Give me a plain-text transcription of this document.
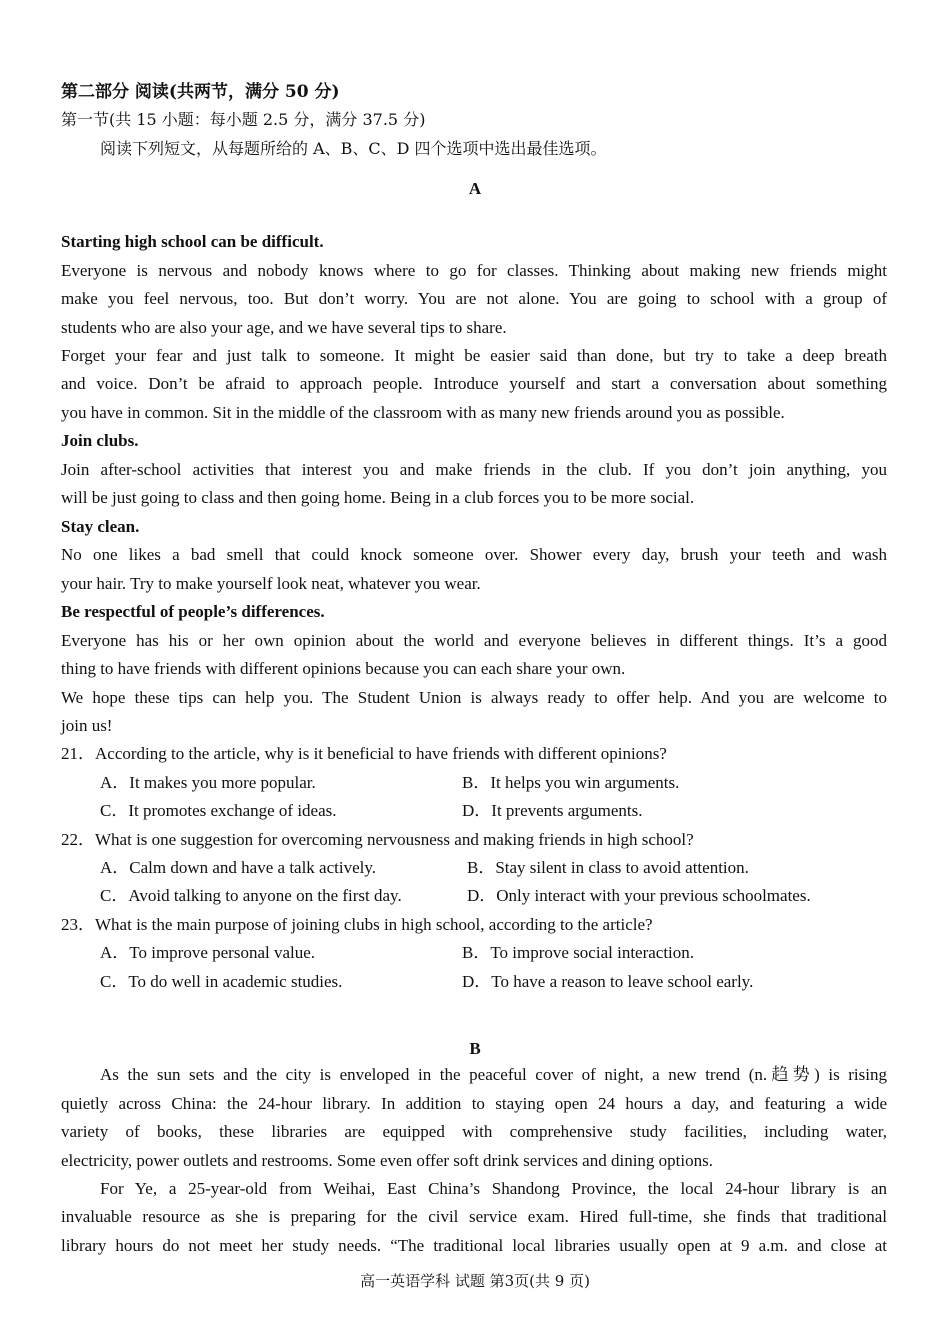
第二部分 阅读(共两节，满分 50 分)
第一节(共 15 小题：每小题 2.5 分，满分 37.5 分)
阅读下列短文，从每题所给的 A、B、C、D 四个选项中选出最佳选项。
A
Starting high school can be difficult.
Everyone is nervous and nobody knows where to go for classes. Thinking about making new friends might
make you feel nervous, too. But don’t worry. You are not alone. You are going to school with a group of
students who are also your age, and we have several tips to share.
Forget your fear and just talk to someone. It might be easier said than done, but try to take a deep breath
and voice. Don’t be afraid to approach people. Introduce yourself and start a conversation about something
you have in common. Sit in the middle of the classroom with as many new friends around you as possible.
Join clubs.
Join after-school activities that interest you and make friends in the club. If you don’t join anything, you
will be just going to class and then going home. Being in a club forces you to be more social.
Stay clean.
No one likes a bad smell that could knock someone over. Shower every day, brush your teeth and wash
your hair. Try to make yourself look neat, whatever you wear.
Be respectful of people’s differences.
Everyone has his or her own opinion about the world and everyone believes in different things. It’s a good
thing to have friends with different opinions because you can each share your own.
We hope these tips can help you. The Student Union is always ready to offer help. And you are welcome to
join us!
21．According to the article, why is it beneficial to have friends with different opinions?
A．It makes you more popular.	B．It helps you win arguments.
C．It promotes exchange of ideas.	D．It prevents arguments.
22．What is one suggestion for overcoming nervousness and making friends in high school?
A．Calm down and have a talk actively.	B．Stay silent in class to avoid attention.
C．Avoid talking to anyone on the first day.	D．Only interact with your previous schoolmates.
23．What is the main purpose of joining clubs in high school, according to the article?
A．To improve personal value.	B．To improve social interaction.
C．To do well in academic studies.	D．To have a reason to leave school early.
B
As the sun sets and the city is enveloped in the peaceful cover of night, a new trend (n.趋势) is rising
quietly across China: the 24-hour library. In addition to staying open 24 hours a day, and featuring a wide
variety of books, these libraries are equipped with comprehensive study facilities, including water,
electricity, power outlets and restrooms. Some even offer soft drink services and dining options.
For Ye, a 25-year-old from Weihai, East China’s Shandong Province, the local 24-hour library is an
invaluable resource as she is preparing for the civil service exam. Hired full-time, she finds that traditional
library hours do not meet her study needs. “The traditional local libraries usually open at 9 a.m. and close at
高一英语学科 试题 第3页(共 9 页)
